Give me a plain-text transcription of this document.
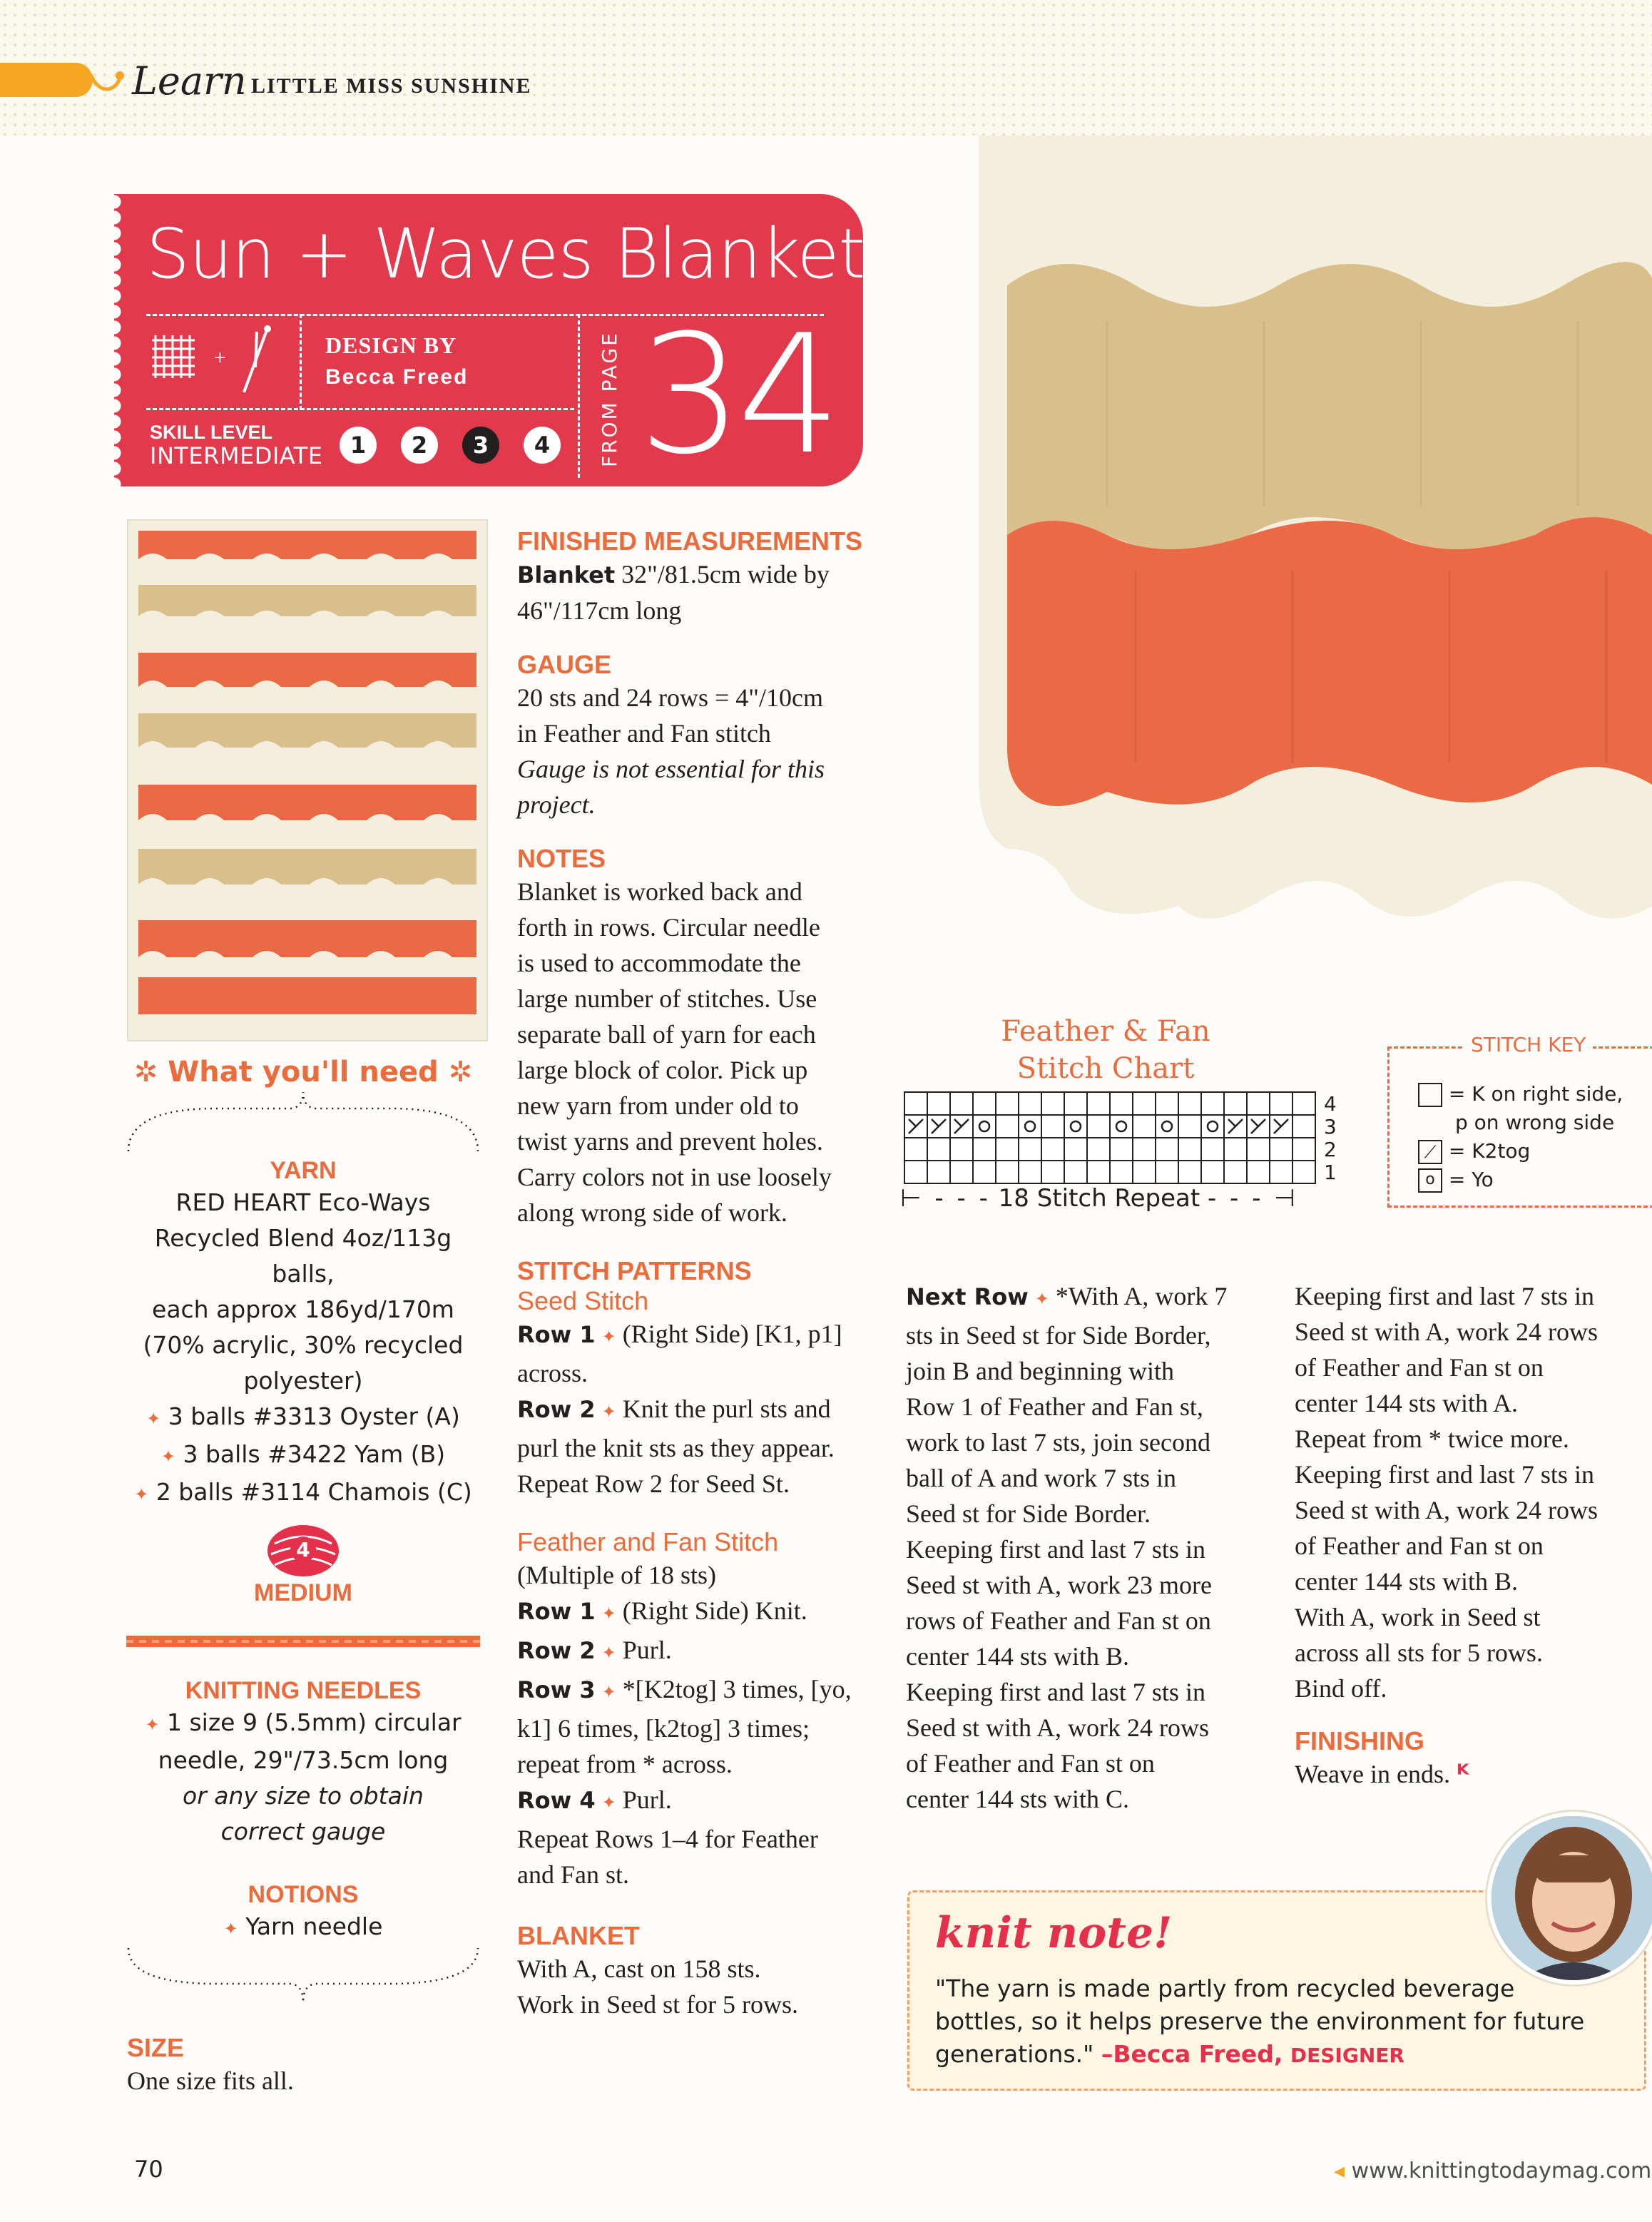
Learn LITTLE MISS SUNSHINE
Sun + Waves Blanket
+	DESIGN BY
Becca Freed
SKILL LEVEL
INTERMEDIATE	1	2	3	4	FROM PAGE 34
✲ What you'll need ✲
YARN
RED HEART Eco-Ways
Recycled Blend 4oz/113g balls,
each approx 186yd/170m
(70% acrylic, 30% recycled
polyester)
✦ 3 balls #3313 Oyster (A)
✦ 3 balls #3422 Yam (B)
✦ 2 balls #3114 Chamois (C)
4
MEDIUM
KNITTING NEEDLES
✦ 1 size 9 (5.5mm) circular
needle, 29"/73.5cm long
or any size to obtain
correct gauge
NOTIONS
✦ Yarn needle
SIZE
One size fits all.
FINISHED MEASUREMENTS
Blanket 32"/81.5cm wide by
46"/117cm long
GAUGE
20 sts and 24 rows = 4"/10cm
in Feather and Fan stitch
Gauge is not essential for this
project.
NOTES
Blanket is worked back and
forth in rows. Circular needle
is used to accommodate the
large number of stitches. Use
separate ball of yarn for each
large block of color. Pick up
new yarn from under old to
twist yarns and prevent holes.
Carry colors not in use loosely
along wrong side of work.
STITCH PATTERNS
Seed Stitch
Row 1 ✦ (Right Side) [K1, p1]
across.
Row 2 ✦ Knit the purl sts and
purl the knit sts as they appear.
Repeat Row 2 for Seed St.
Feather and Fan Stitch
(Multiple of 18 sts)
Row 1 ✦ (Right Side) Knit.
Row 2 ✦ Purl.
Row 3 ✦ *[K2tog] 3 times, [yo,
k1] 6 times, [k2tog] 3 times;
repeat from * across.
Row 4 ✦ Purl.
Repeat Rows 1–4 for Feather
and Fan st.
BLANKET
With A, cast on 158 sts.
Work in Seed st for 5 rows.
Feather & Fan
Stitch Chart
4
3
2
1
⊢ - - - 18 Stitch Repeat - - - ⊣
STITCH KEY
= K on right side,
p on wrong side
⟋ = K2tog
o = Yo
Next Row ✦ *With A, work 7
sts in Seed st for Side Border,
join B and beginning with
Row 1 of Feather and Fan st,
work to last 7 sts, join second
ball of A and work 7 sts in
Seed st for Side Border.
Keeping first and last 7 sts in
Seed st with A, work 23 more
rows of Feather and Fan st on
center 144 sts with B.
Keeping first and last 7 sts in
Seed st with A, work 24 rows
of Feather and Fan st on
center 144 sts with C.
Keeping first and last 7 sts in
Seed st with A, work 24 rows
of Feather and Fan st on
center 144 sts with A.
Repeat from * twice more.
Keeping first and last 7 sts in
Seed st with A, work 24 rows
of Feather and Fan st on
center 144 sts with B.
With A, work in Seed st
across all sts for 5 rows.
Bind off.
FINISHING
Weave in ends. ᴷ
knit note!
"The yarn is made partly from recycled beverage
bottles, so it helps preserve the environment for future
generations." –Becca Freed, DESIGNER
70	◂ www.knittingtodaymag.com
